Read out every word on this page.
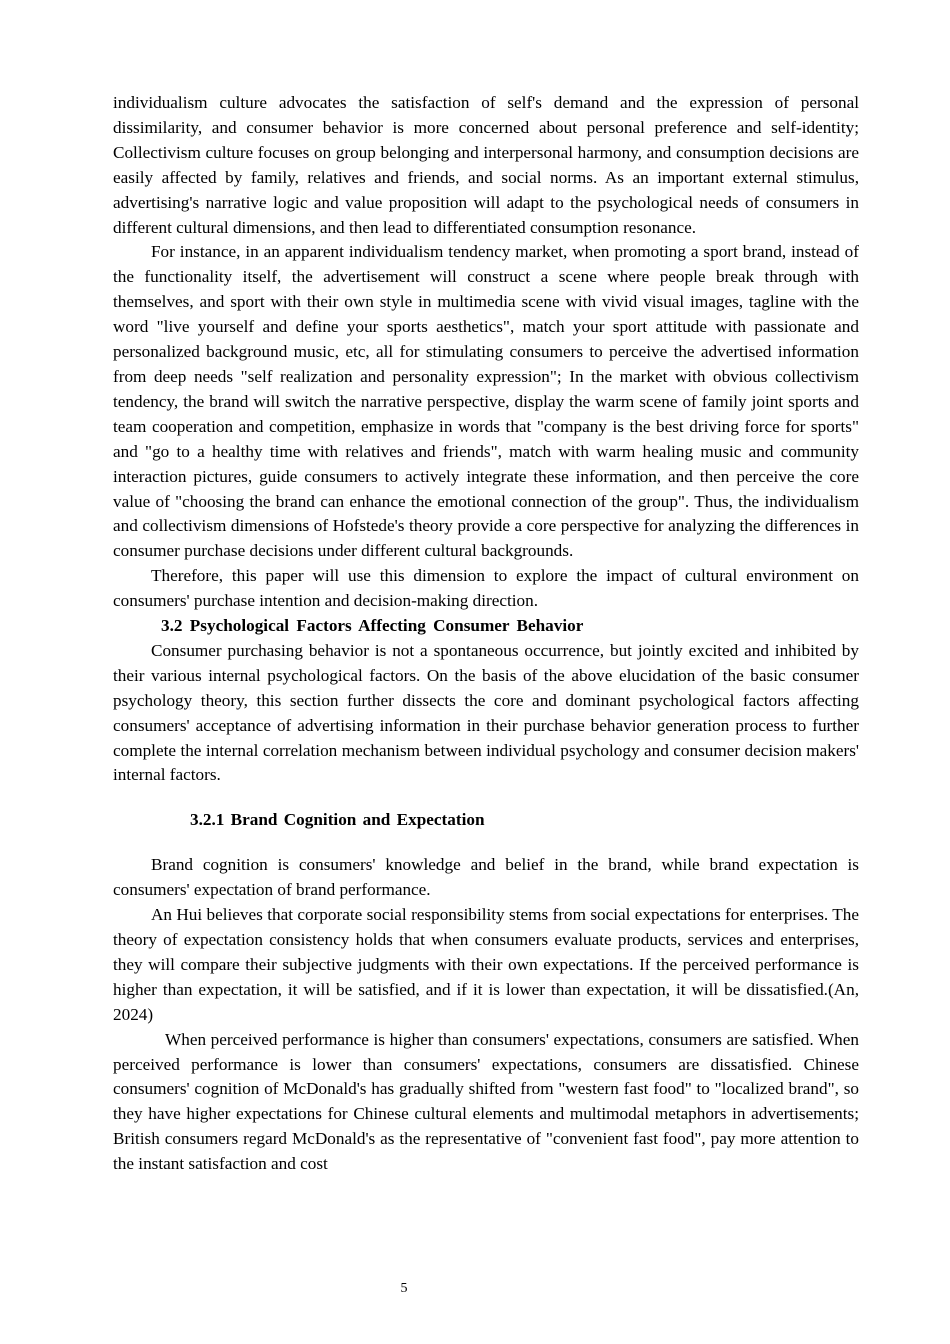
individualism culture advocates the satisfaction of self's demand and the expression of personal dissimilarity, and consumer behavior is more concerned about personal preference and self-identity; Collectivism culture focuses on group belonging and interpersonal harmony, and consumption decisions are easily affected by family, relatives and friends, and social norms. As an important external stimulus, advertising's narrative logic and value proposition will adapt to the psychological needs of consumers in different cultural dimensions, and then lead to differentiated consumption resonance.

For instance, in an apparent individualism tendency market, when promoting a sport brand, instead of the functionality itself, the advertisement will construct a scene where people break through with themselves, and sport with their own style in multimedia scene with vivid visual images, tagline with the word "live yourself and define your sports aesthetics", match your sport attitude with passionate and personalized background music, etc, all for stimulating consumers to perceive the advertised information from deep needs "self realization and personality expression"; In the market with obvious collectivism tendency, the brand will switch the narrative perspective, display the warm scene of family joint sports and team cooperation and competition, emphasize in words that "company is the best driving force for sports" and "go to a healthy time with relatives and friends", match with warm healing music and community interaction pictures, guide consumers to actively integrate these information, and then perceive the core value of "choosing the brand can enhance the emotional connection of the group". Thus, the individualism and collectivism dimensions of Hofstede's theory provide a core perspective for analyzing the differences in consumer purchase decisions under different cultural backgrounds.

Therefore, this paper will use this dimension to explore the impact of cultural environment on consumers' purchase intention and decision-making direction.

3.2 Psychological Factors Affecting Consumer Behavior

Consumer purchasing behavior is not a spontaneous occurrence, but jointly excited and inhibited by their various internal psychological factors. On the basis of the above elucidation of the basic consumer psychology theory, this section further dissects the core and dominant psychological factors affecting consumers' acceptance of advertising information in their purchase behavior generation process to further complete the internal correlation mechanism between individual psychology and consumer decision makers' internal factors.

3.2.1 Brand Cognition and Expectation

Brand cognition is consumers' knowledge and belief in the brand, while brand expectation is consumers' expectation of brand performance.

An Hui believes that corporate social responsibility stems from social expectations for enterprises. The theory of expectation consistency holds that when consumers evaluate products, services and enterprises, they will compare their subjective judgments with their own expectations. If the perceived performance is higher than expectation, it will be satisfied, and if it is lower than expectation, it will be dissatisfied.(An, 2024)

When perceived performance is higher than consumers' expectations, consumers are satisfied. When perceived performance is lower than consumers' expectations, consumers are dissatisfied. Chinese consumers' cognition of McDonald's has gradually shifted from "western fast food" to "localized brand", so they have higher expectations for Chinese cultural elements and multimodal metaphors in advertisements; British consumers regard McDonald's as the representative of "convenient fast food", pay more attention to the instant satisfaction and cost

5
